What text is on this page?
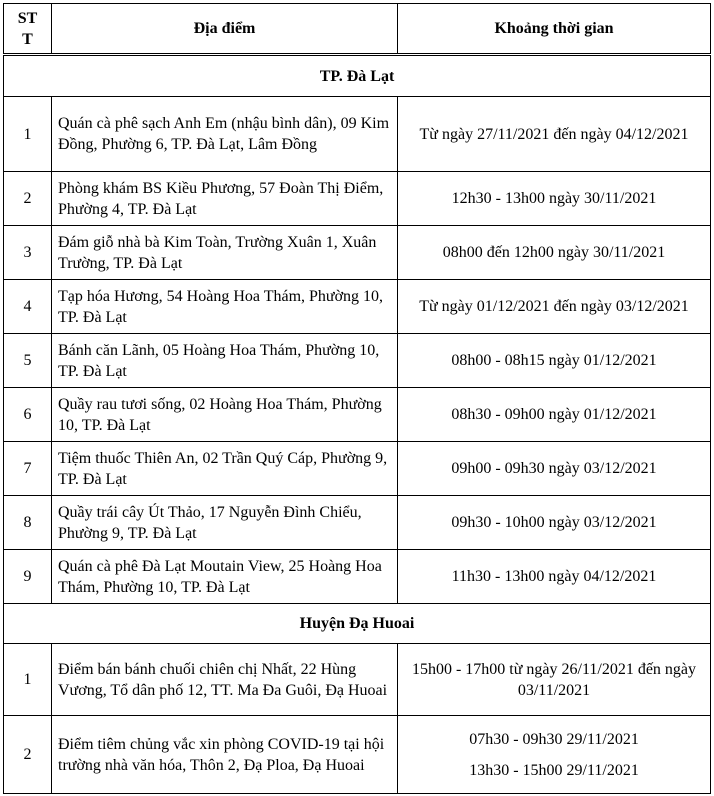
ST
T	Địa điểm	Khoảng thời gian
TP. Đà Lạt		
1	Quán cà phê sạch Anh Em (nhậu bình dân), 09 Kim Đồng, Phường 6, TP. Đà Lạt, Lâm Đồng	Từ ngày 27/11/2021 đến ngày 04/12/2021

2	Phòng khám BS Kiều Phương, 57 Đoàn Thị Điểm, Phường 4, TP. Đà Lạt	12h30 - 13h00 ngày 30/11/2021

3	Đám giỗ nhà bà Kim Toàn, Trường Xuân 1, Xuân Trường, TP. Đà Lạt	08h00 đến 12h00 ngày 30/11/2021

4	Tạp hóa Hương, 54 Hoàng Hoa Thám, Phường 10, TP. Đà Lạt	Từ ngày 01/12/2021 đến ngày 03/12/2021

5	Bánh căn Lãnh, 05 Hoàng Hoa Thám, Phường 10, TP. Đà Lạt	08h00 - 08h15 ngày 01/12/2021

6	Quầy rau tươi sống, 02 Hoàng Hoa Thám, Phường 10, TP. Đà Lạt	08h30 - 09h00 ngày 01/12/2021

7	Tiệm thuốc Thiên An, 02 Trần Quý Cáp, Phường 9, TP. Đà Lạt	09h00 - 09h30 ngày 03/12/2021

8	Quầy trái cây Út Thảo, 17 Nguyễn Đình Chiểu, Phường 9, TP. Đà Lạt	09h30 - 10h00 ngày 03/12/2021

9	Quán cà phê Đà Lạt Moutain View, 25 Hoàng Hoa Thám, Phường 10, TP. Đà Lạt	11h30 - 13h00 ngày 04/12/2021

Huyện Đạ Huoai		
1	Điểm bán bánh chuối chiên chị Nhất, 22 Hùng Vương, Tổ dân phố 12, TT. Ma Đa Guôi, Đạ Huoai	15h00 - 17h00 từ ngày 26/11/2021 đến ngày 03/11/2021

2	Điểm tiêm chủng vắc xin phòng COVID-19 tại hội trường nhà văn hóa, Thôn 2, Đạ Ploa, Đạ Huoai	07h30 - 09h30 29/11/2021
13h30 - 15h00 29/11/2021
